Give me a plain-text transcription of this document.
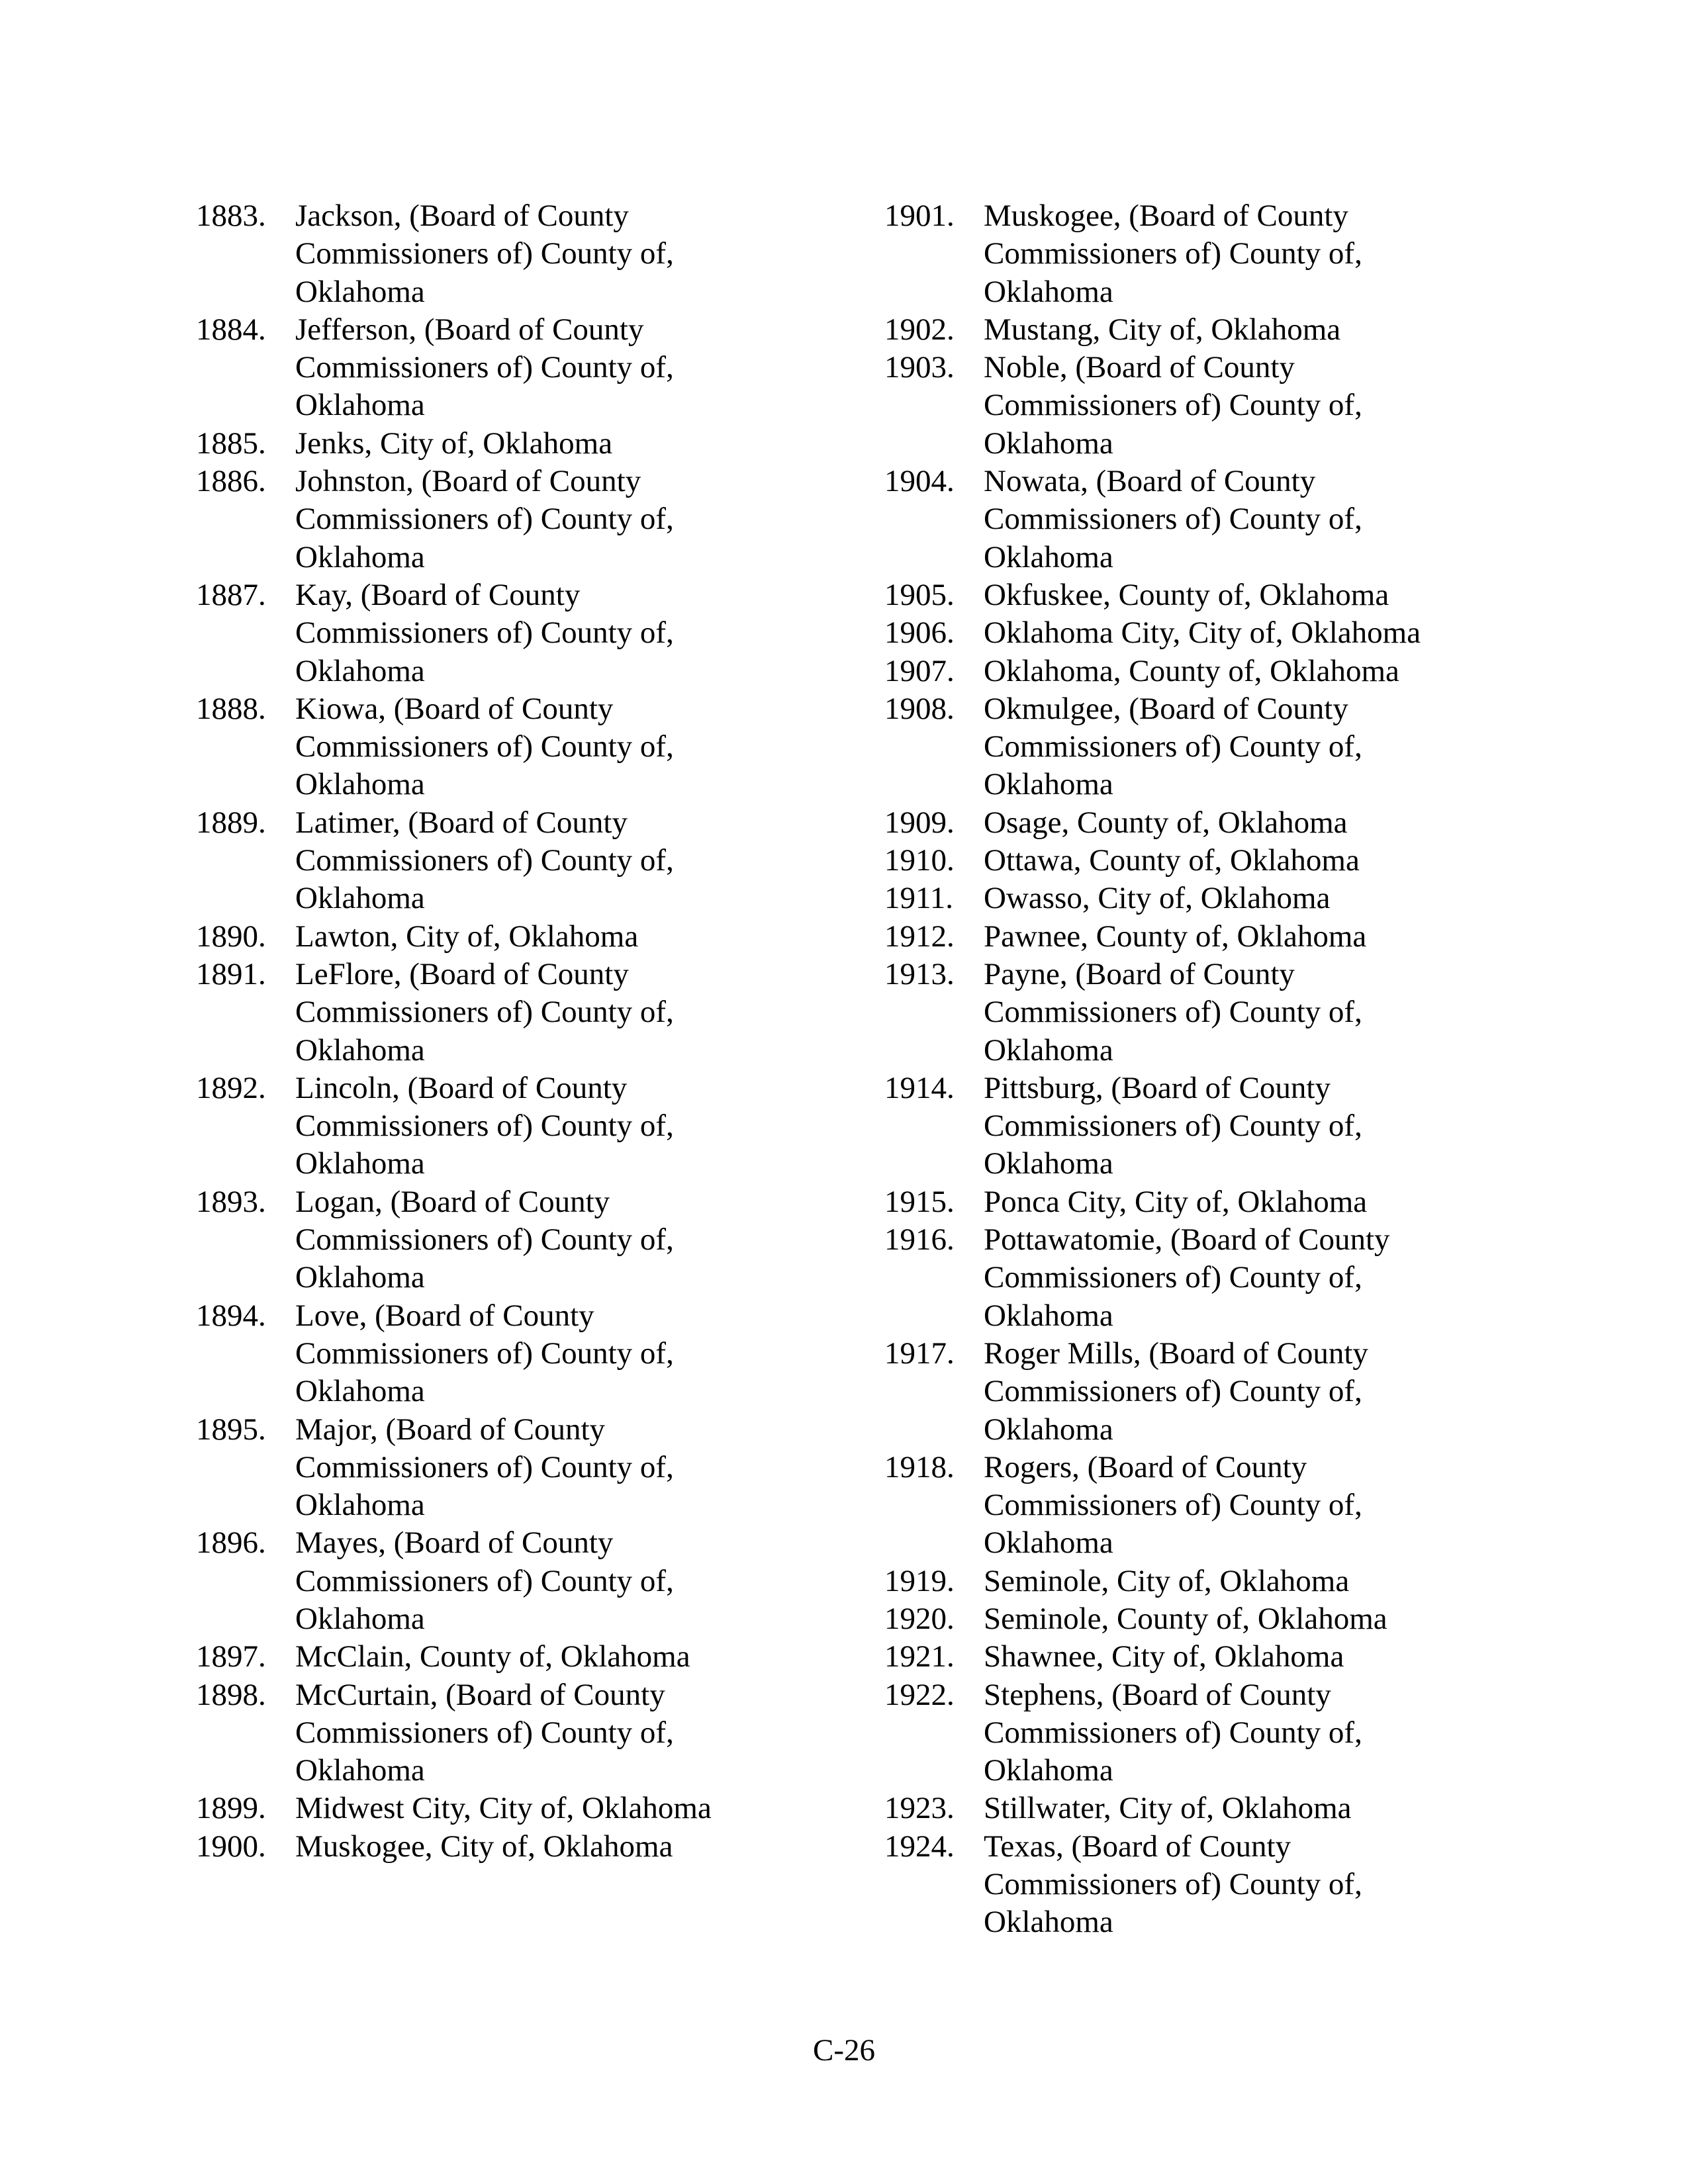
1883. Jackson, (Board of County
Commissioners of) County of,
Oklahoma
1884. Jefferson, (Board of County
Commissioners of) County of,
Oklahoma
1885. Jenks, City of, Oklahoma
1886. Johnston, (Board of County
Commissioners of) County of,
Oklahoma
1887. Kay, (Board of County
Commissioners of) County of,
Oklahoma
1888. Kiowa, (Board of County
Commissioners of) County of,
Oklahoma
1889. Latimer, (Board of County
Commissioners of) County of,
Oklahoma
1890. Lawton, City of, Oklahoma
1891. LeFlore, (Board of County
Commissioners of) County of,
Oklahoma
1892. Lincoln, (Board of County
Commissioners of) County of,
Oklahoma
1893. Logan, (Board of County
Commissioners of) County of,
Oklahoma
1894. Love, (Board of County
Commissioners of) County of,
Oklahoma
1895. Major, (Board of County
Commissioners of) County of,
Oklahoma
1896. Mayes, (Board of County
Commissioners of) County of,
Oklahoma
1897. McClain, County of, Oklahoma
1898. McCurtain, (Board of County
Commissioners of) County of,
Oklahoma
1899. Midwest City, City of, Oklahoma
1900. Muskogee, City of, Oklahoma
1901. Muskogee, (Board of County
Commissioners of) County of,
Oklahoma
1902. Mustang, City of, Oklahoma
1903. Noble, (Board of County
Commissioners of) County of,
Oklahoma
1904. Nowata, (Board of County
Commissioners of) County of,
Oklahoma
1905. Okfuskee, County of, Oklahoma
1906. Oklahoma City, City of, Oklahoma
1907. Oklahoma, County of, Oklahoma
1908. Okmulgee, (Board of County
Commissioners of) County of,
Oklahoma
1909. Osage, County of, Oklahoma
1910. Ottawa, County of, Oklahoma
1911. Owasso, City of, Oklahoma
1912. Pawnee, County of, Oklahoma
1913. Payne, (Board of County
Commissioners of) County of,
Oklahoma
1914. Pittsburg, (Board of County
Commissioners of) County of,
Oklahoma
1915. Ponca City, City of, Oklahoma
1916. Pottawatomie, (Board of County
Commissioners of) County of,
Oklahoma
1917. Roger Mills, (Board of County
Commissioners of) County of,
Oklahoma
1918. Rogers, (Board of County
Commissioners of) County of,
Oklahoma
1919. Seminole, City of, Oklahoma
1920. Seminole, County of, Oklahoma
1921. Shawnee, City of, Oklahoma
1922. Stephens, (Board of County
Commissioners of) County of,
Oklahoma
1923. Stillwater, City of, Oklahoma
1924. Texas, (Board of County
Commissioners of) County of,
Oklahoma
C-26
